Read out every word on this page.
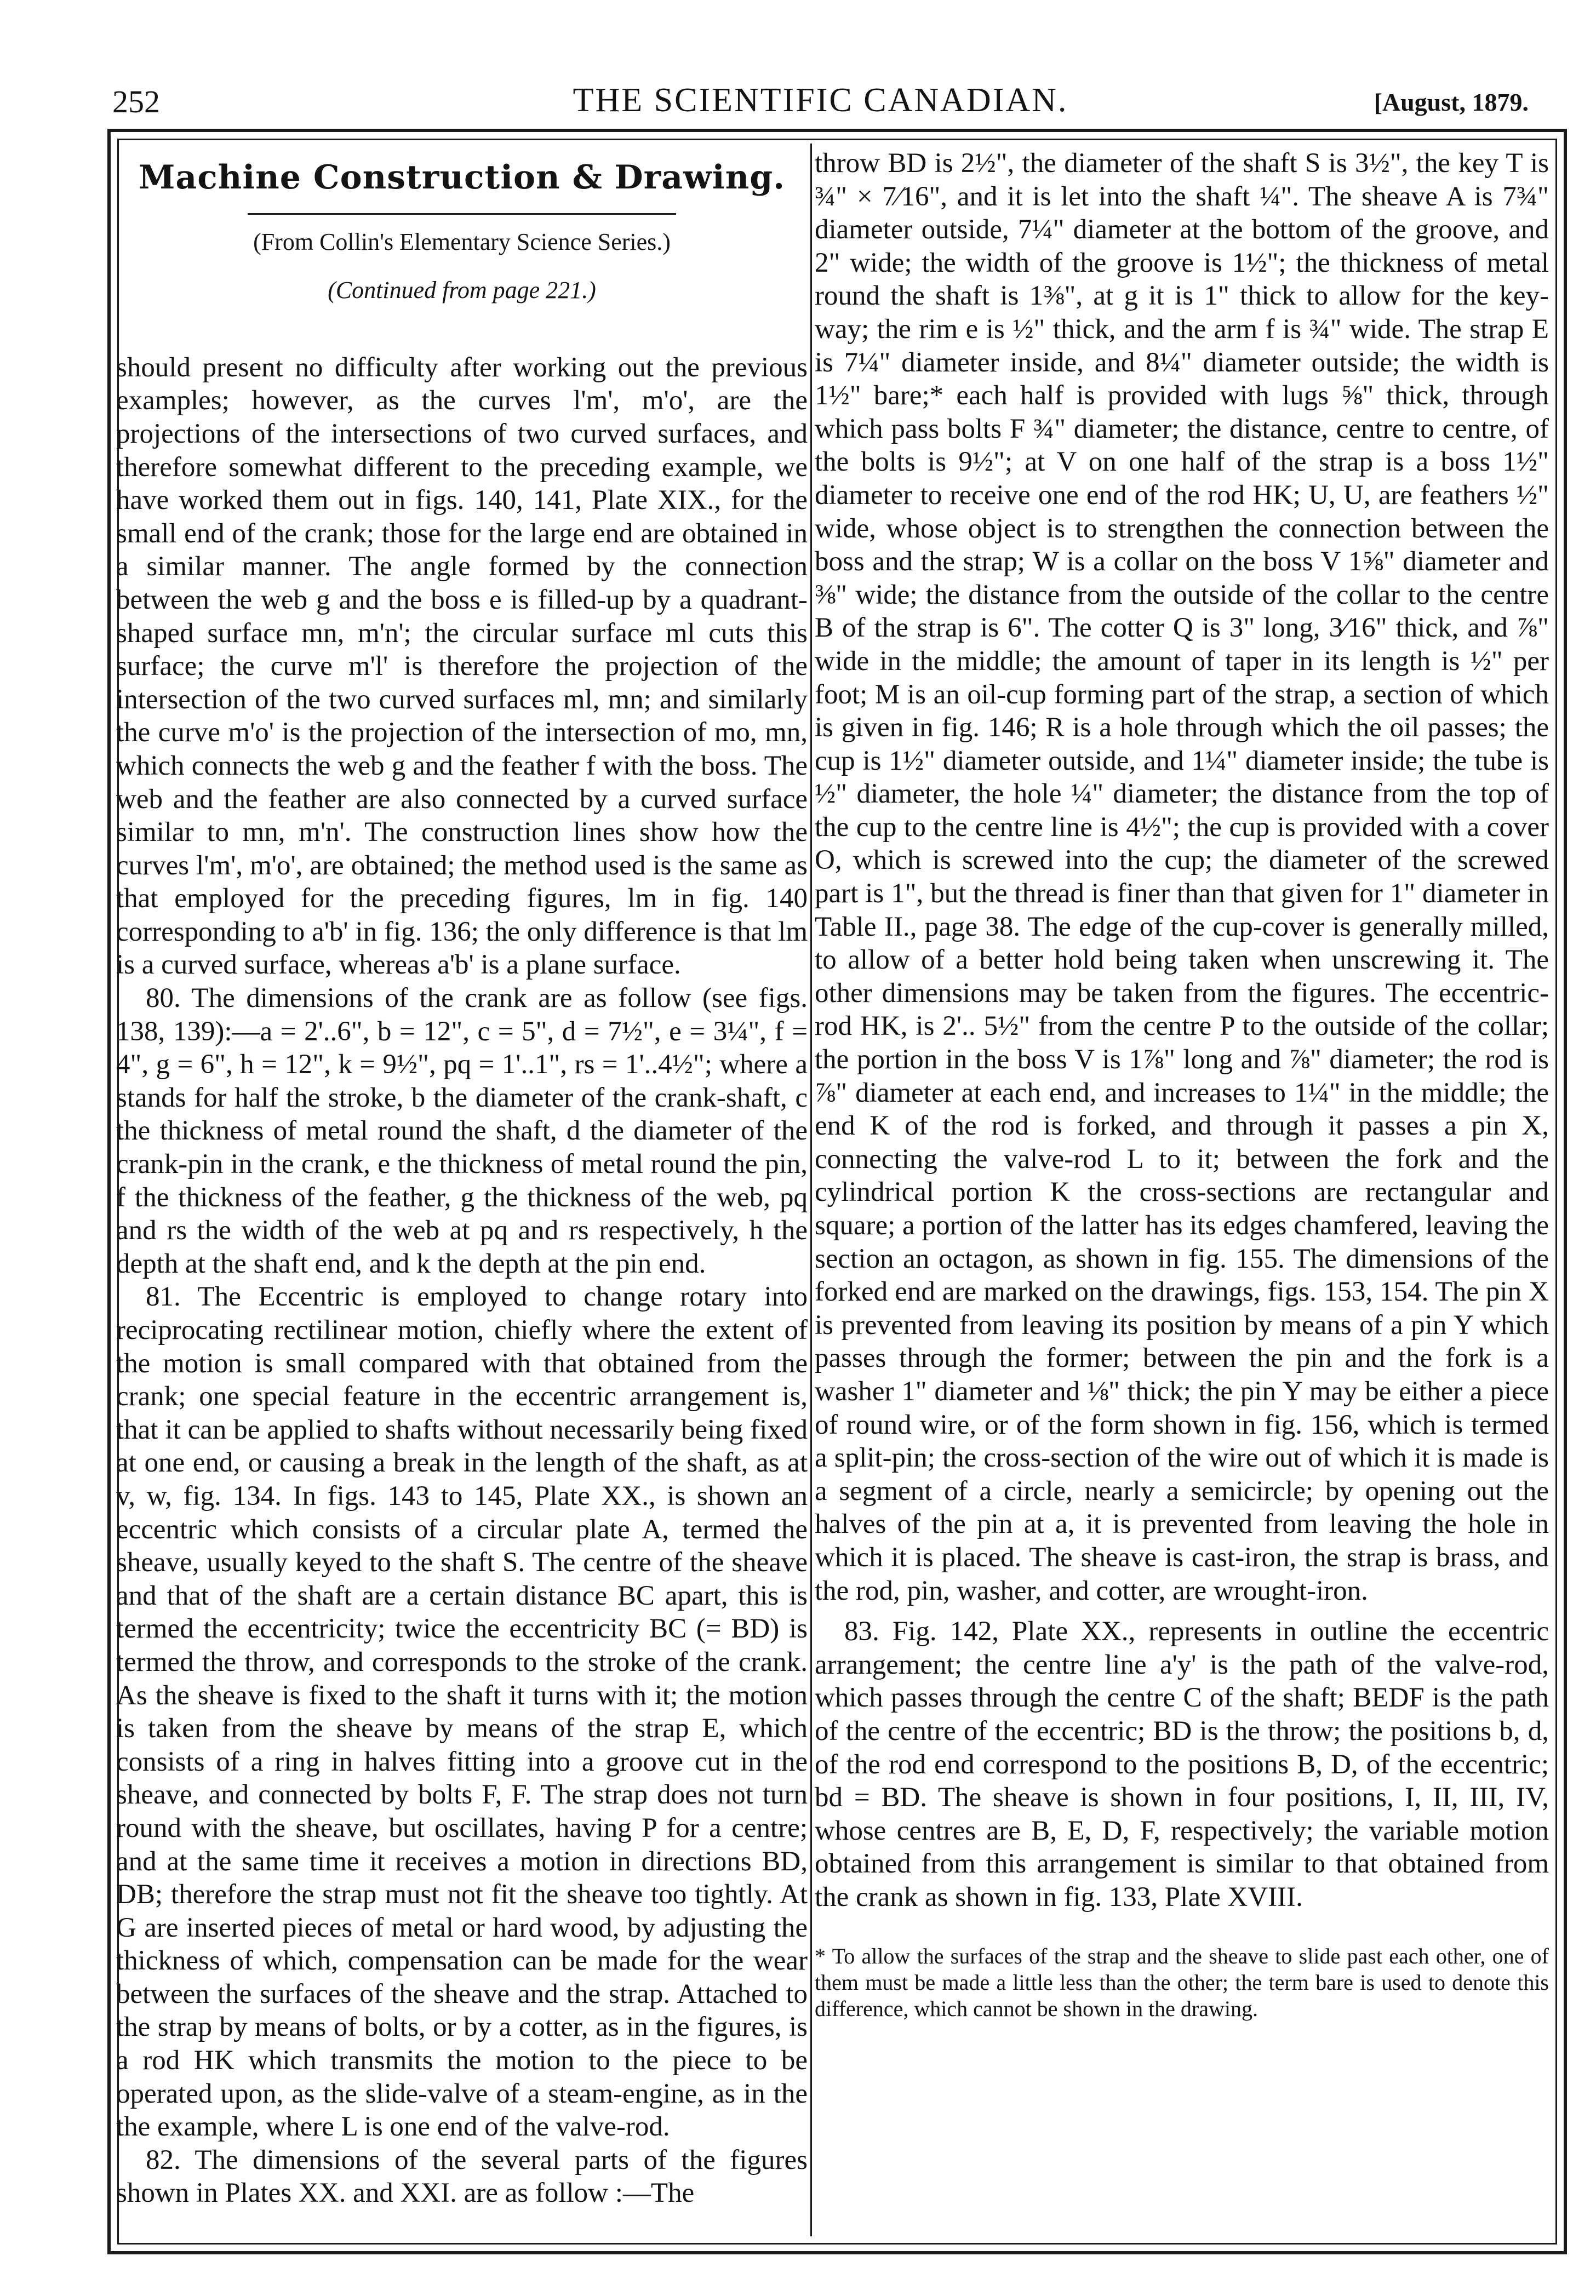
252	THE SCIENTIFIC CANADIAN.	[August, 1879.
Machine Construction & Drawing.
(From Collin's Elementary Science Series.)
(Continued from page 221.)

should present no difficulty after working out the previous examples; however, as the curves l'm', m'o', are the projections of the intersections of two curved surfaces, and therefore somewhat different to the preceding example, we have worked them out in figs. 140, 141, Plate XIX., for the small end of the crank; those for the large end are obtained in a similar manner. The angle formed by the connection between the web g and the boss e is filled-up by a quadrant-shaped surface mn, m'n'; the circular surface ml cuts this surface; the curve m'l' is therefore the projection of the intersection of the two curved surfaces ml, mn; and similarly the curve m'o' is the projection of the intersection of mo, mn, which connects the web g and the feather f with the boss. The web and the feather are also connected by a curved surface similar to mn, m'n'. The construction lines show how the curves l'm', m'o', are obtained; the method used is the same as that employed for the preceding figures, lm in fig. 140 corresponding to a'b' in fig. 136; the only difference is that lm is a curved surface, whereas a'b' is a plane surface.

80. The dimensions of the crank are as follow (see figs. 138, 139):—a = 2'..6", b = 12", c = 5", d = 7½", e = 3¼", f = 4", g = 6", h = 12", k = 9½", pq = 1'..1", rs = 1'..4½"; where a stands for half the stroke, b the diameter of the crank-shaft, c the thickness of metal round the shaft, d the diameter of the crank-pin in the crank, e the thickness of metal round the pin, f the thickness of the feather, g the thickness of the web, pq and rs the width of the web at pq and rs respectively, h the depth at the shaft end, and k the depth at the pin end.

81. The Eccentric is employed to change rotary into reciprocating rectilinear motion, chiefly where the extent of the motion is small compared with that obtained from the crank; one special feature in the eccentric arrangement is, that it can be applied to shafts without necessarily being fixed at one end, or causing a break in the length of the shaft, as at v, w, fig. 134. In figs. 143 to 145, Plate XX., is shown an eccentric which consists of a circular plate A, termed the sheave, usually keyed to the shaft S. The centre of the sheave and that of the shaft are a certain distance BC apart, this is termed the eccentricity; twice the eccentricity BC (= BD) is termed the throw, and corresponds to the stroke of the crank. As the sheave is fixed to the shaft it turns with it; the motion is taken from the sheave by means of the strap E, which consists of a ring in halves fitting into a groove cut in the sheave, and connected by bolts F, F. The strap does not turn round with the sheave, but oscillates, having P for a centre; and at the same time it receives a motion in directions BD, DB; therefore the strap must not fit the sheave too tightly. At G are inserted pieces of metal or hard wood, by adjusting the thickness of which, compensation can be made for the wear between the surfaces of the sheave and the strap. Attached to the strap by means of bolts, or by a cotter, as in the figures, is a rod HK which transmits the motion to the piece to be operated upon, as the slide-valve of a steam-engine, as in the the example, where L is one end of the valve-rod.

82. The dimensions of the several parts of the figures shown in Plates XX. and XXI. are as follow :—The

throw BD is 2½", the diameter of the shaft S is 3½", the key T is ¾" × 7⁄16", and it is let into the shaft ¼". The sheave A is 7¾" diameter outside, 7¼" diameter at the bottom of the groove, and 2" wide; the width of the groove is 1½"; the thickness of metal round the shaft is 1⅜", at g it is 1" thick to allow for the key-way; the rim e is ½" thick, and the arm f is ¾" wide. The strap E is 7¼" diameter inside, and 8¼" diameter outside; the width is 1½" bare;* each half is provided with lugs ⅝" thick, through which pass bolts F ¾" diameter; the distance, centre to centre, of the bolts is 9½"; at V on one half of the strap is a boss 1½" diameter to receive one end of the rod HK; U, U, are feathers ½" wide, whose object is to strengthen the connection between the boss and the strap; W is a collar on the boss V 1⅝" diameter and ⅜" wide; the distance from the outside of the collar to the centre B of the strap is 6". The cotter Q is 3" long, 3⁄16" thick, and ⅞" wide in the middle; the amount of taper in its length is ½" per foot; M is an oil-cup forming part of the strap, a section of which is given in fig. 146; R is a hole through which the oil passes; the cup is 1½" diameter outside, and 1¼" diameter inside; the tube is ½" diameter, the hole ¼" diameter; the distance from the top of the cup to the centre line is 4½"; the cup is provided with a cover O, which is screwed into the cup; the diameter of the screwed part is 1", but the thread is finer than that given for 1" diameter in Table II., page 38. The edge of the cup-cover is generally milled, to allow of a better hold being taken when unscrewing it. The other dimensions may be taken from the figures. The eccentric-rod HK, is 2'.. 5½" from the centre P to the outside of the collar; the portion in the boss V is 1⅞" long and ⅞" diameter; the rod is ⅞" diameter at each end, and increases to 1¼" in the middle; the end K of the rod is forked, and through it passes a pin X, connecting the valve-rod L to it; between the fork and the cylindrical portion K the cross-sections are rectangular and square; a portion of the latter has its edges chamfered, leaving the section an octagon, as shown in fig. 155. The dimensions of the forked end are marked on the drawings, figs. 153, 154. The pin X is prevented from leaving its position by means of a pin Y which passes through the former; between the pin and the fork is a washer 1" diameter and ⅛" thick; the pin Y may be either a piece of round wire, or of the form shown in fig. 156, which is termed a split-pin; the cross-section of the wire out of which it is made is a segment of a circle, nearly a semicircle; by opening out the halves of the pin at a, it is prevented from leaving the hole in which it is placed. The sheave is cast-iron, the strap is brass, and the rod, pin, washer, and cotter, are wrought-iron.

83. Fig. 142, Plate XX., represents in outline the eccentric arrangement; the centre line a'y' is the path of the valve-rod, which passes through the centre C of the shaft; BEDF is the path of the centre of the eccentric; BD is the throw; the positions b, d, of the rod end correspond to the positions B, D, of the eccentric; bd = BD. The sheave is shown in four positions, I, II, III, IV, whose centres are B, E, D, F, respectively; the variable motion obtained from this arrangement is similar to that obtained from the crank as shown in fig. 133, Plate XVIII.

* To allow the surfaces of the strap and the sheave to slide past each other, one of them must be made a little less than the other; the term bare is used to denote this difference, which cannot be shown in the drawing.
